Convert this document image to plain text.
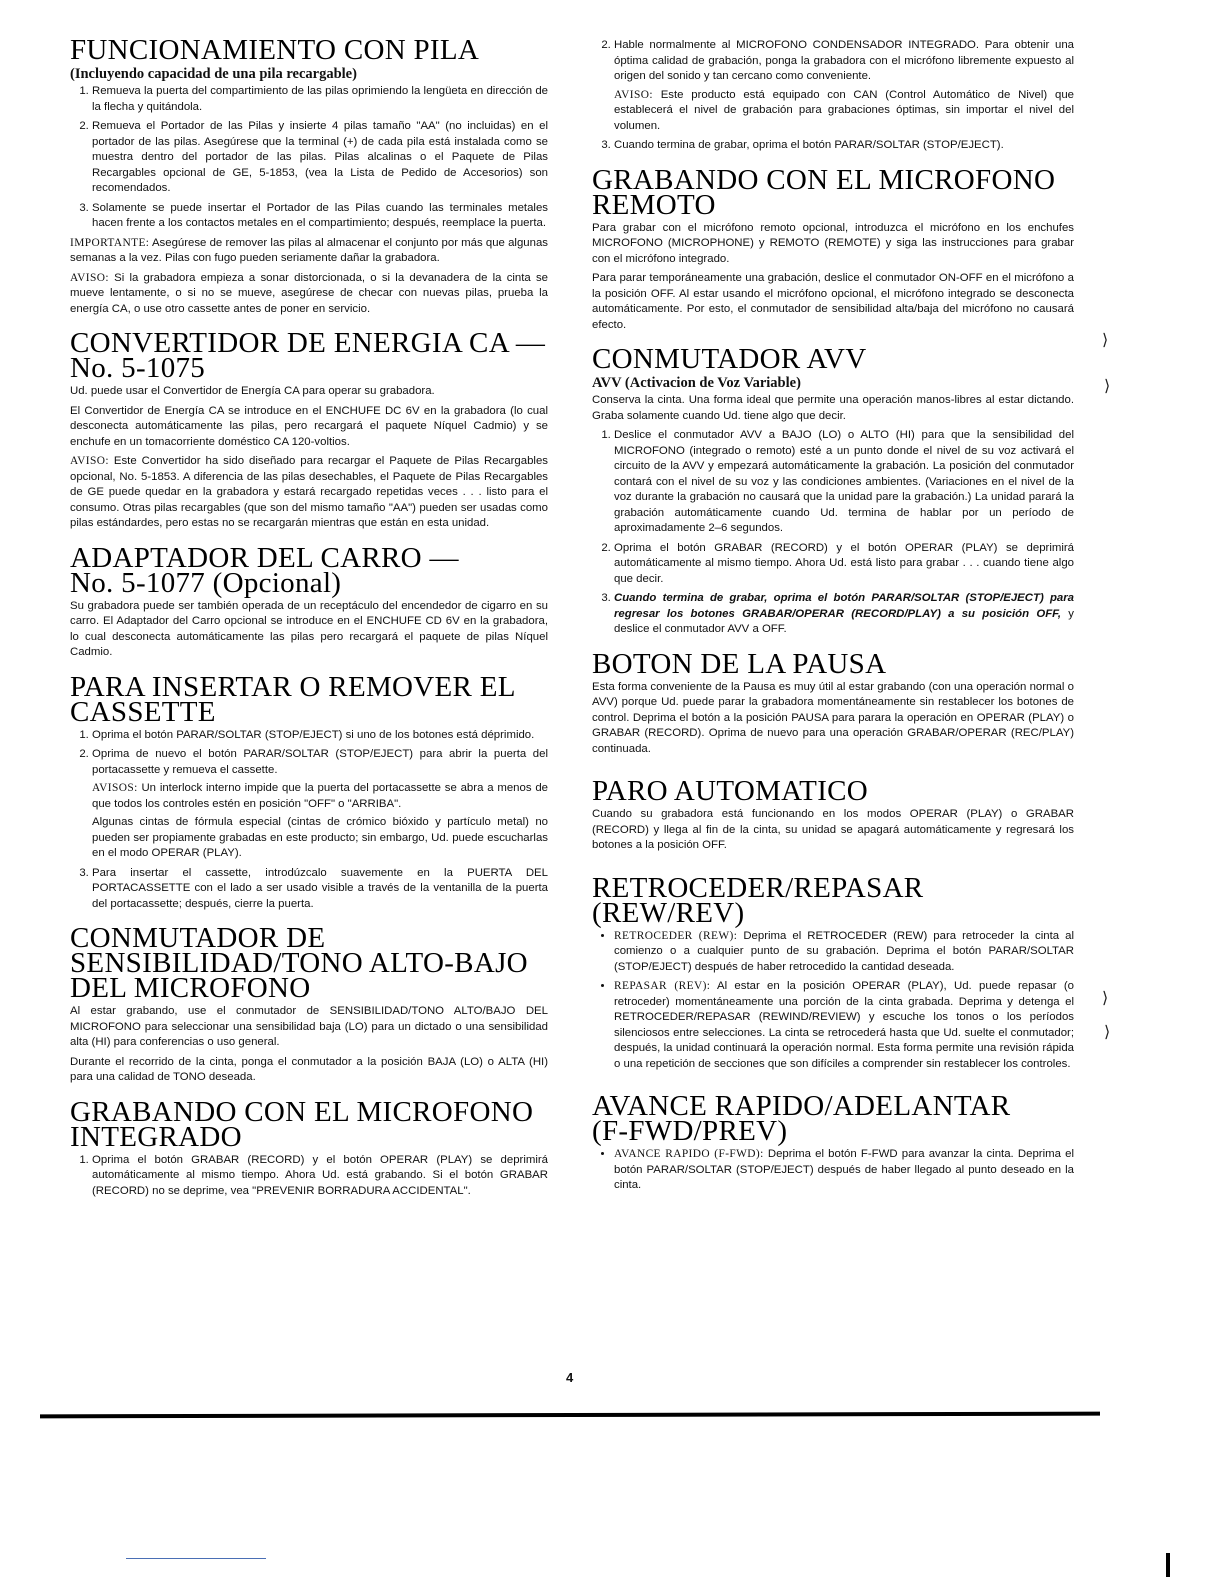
FUNCIONAMIENTO CON PILA
(Incluyendo capacidad de una pila recargable)
1. Remueva la puerta del compartimiento de las pilas oprimiendo la lengüeta en dirección de la flecha y quitándola.
2. Remueva el Portador de las Pilas y insierte 4 pilas tamaño "AA" (no incluidas) en el portador de las pilas. Asegúrese que la terminal (+) de cada pila está instalada como se muestra dentro del portador de las pilas. Pilas alcalinas o el Paquete de Pilas Recargables opcional de GE, 5-1853, (vea la Lista de Pedido de Accesorios) son recomendados.
3. Solamente se puede insertar el Portador de las Pilas cuando las terminales metales hacen frente a los contactos metales en el compartimiento; después, reemplace la puerta.

IMPORTANTE: Asegúrese de remover las pilas al almacenar el conjunto por más que algunas semanas a la vez. Pilas con fugo pueden seriamente dañar la grabadora.

AVISO: Si la grabadora empieza a sonar distorcionada, o si la devanadera de la cinta se mueve lentamente, o si no se mueve, asegúrese de checar con nuevas pilas, prueba la energía CA, o use otro cassette antes de poner en servicio.

CONVERTIDOR DE ENERGIA CA —
No. 5-1075

Ud. puede usar el Convertidor de Energía CA para operar su grabadora.

El Convertidor de Energía CA se introduce en el ENCHUFE DC 6V en la grabadora (lo cual desconecta automáticamente las pilas, pero recargará el paquete Níquel Cadmio) y se enchufe en un tomacorriente doméstico CA 120-voltios.

AVISO: Este Convertidor ha sido diseñado para recargar el Paquete de Pilas Recargables opcional, No. 5-1853. A diferencia de las pilas desechables, el Paquete de Pilas Recargables de GE puede quedar en la grabadora y estará recargado repetidas veces . . . listo para el consumo. Otras pilas recargables (que son del mismo tamaño "AA") pueden ser usadas como pilas estándardes, pero estas no se recargarán mientras que están en esta unidad.

ADAPTADOR DEL CARRO —
No. 5-1077 (Opcional)

Su grabadora puede ser también operada de un receptáculo del encendedor de cigarro en su carro. El Adaptador del Carro opcional se introduce en el ENCHUFE CD 6V en la grabadora, lo cual desconecta automáticamente las pilas pero recargará el paquete de pilas Níquel Cadmio.

PARA INSERTAR O REMOVER EL
CASSETTE
1. Oprima el botón PARAR/SOLTAR (STOP/EJECT) si uno de los botones está déprimido.
2. Oprima de nuevo el botón PARAR/SOLTAR (STOP/EJECT) para abrir la puerta del portacassette y remueva el cassette.

AVISOS: Un interlock interno impide que la puerta del portacassette se abra a menos de que todos los controles estén en posición "OFF" o "ARRIBA".

Algunas cintas de fórmula especial (cintas de crómico bióxido y partículo metal) no pueden ser propiamente grabadas en este producto; sin embargo, Ud. puede escucharlas en el modo OPERAR (PLAY).

3. Para insertar el cassette, introdúzcalo suavemente en la PUERTA DEL PORTACASSETTE con el lado a ser usado visible a través de la ventanilla de la puerta del portacassette; después, cierre la puerta.
CONMUTADOR DE
SENSIBILIDAD/TONO ALTO-BAJO
DEL MICROFONO

Al estar grabando, use el conmutador de SENSIBILIDAD/TONO ALTO/BAJO DEL MICROFONO para seleccionar una sensibilidad baja (LO) para un dictado o una sensibilidad alta (HI) para conferencias o uso general.

Durante el recorrido de la cinta, ponga el conmutador a la posición BAJA (LO) o ALTA (HI) para una calidad de TONO deseada.

GRABANDO CON EL MICROFONO
INTEGRADO
1. Oprima el botón GRABAR (RECORD) y el botón OPERAR (PLAY) se deprimirá automáticamente al mismo tiempo. Ahora Ud. está grabando. Si el botón GRABAR (RECORD) no se deprime, vea "PREVENIR BORRADURA ACCIDENTAL".
2. Hable normalmente al MICROFONO CONDENSADOR INTEGRADO. Para obtenir una óptima calidad de grabación, ponga la grabadora con el micrófono libremente expuesto al origen del sonido y tan cercano como conveniente.

AVISO: Este producto está equipado con CAN (Control Automático de Nivel) que establecerá el nivel de grabación para grabaciones óptimas, sin importar el nivel del volumen.

3. Cuando termina de grabar, oprima el botón PARAR/SOLTAR (STOP/EJECT).
GRABANDO CON EL MICROFONO
REMOTO

Para grabar con el micrófono remoto opcional, introduzca el micrófono en los enchufes MICROFONO (MICROPHONE) y REMOTO (REMOTE) y siga las instrucciones para grabar con el micrófono integrado.

Para parar temporáneamente una grabación, deslice el conmutador ON-OFF en el micrófono a la posición OFF. Al estar usando el micrófono opcional, el micrófono integrado se desconecta automáticamente. Por esto, el conmutador de sensibilidad alta/baja del micrófono no causará efecto.

CONMUTADOR AVV
AVV (Activacion de Voz Variable)

Conserva la cinta. Una forma ideal que permite una operación manos-libres al estar dictando. Graba solamente cuando Ud. tiene algo que decir.

1. Deslice el conmutador AVV a BAJO (LO) o ALTO (HI) para que la sensibilidad del MICROFONO (integrado o remoto) esté a un punto donde el nivel de su voz activará el circuito de la AVV y empezará automáticamente la grabación. La posición del conmutador contará con el nivel de su voz y las condiciones ambientes. (Variaciones en el nivel de la voz durante la grabación no causará que la unidad pare la grabación.) La unidad parará la grabación automáticamente cuando Ud. termina de hablar por un período de aproximadamente 2–6 segundos.
2. Oprima el botón GRABAR (RECORD) y el botón OPERAR (PLAY) se deprimirá automáticamente al mismo tiempo. Ahora Ud. está listo para grabar . . . cuando tiene algo que decir.
3. Cuando termina de grabar, oprima el botón PARAR/SOLTAR (STOP/EJECT) para regresar los botones GRABAR/OPERAR (RECORD/PLAY) a su posición OFF, y deslice el conmutador AVV a OFF.
BOTON DE LA PAUSA

Esta forma conveniente de la Pausa es muy útil al estar grabando (con una operación normal o AVV) porque Ud. puede parar la grabadora momentáneamente sin restablecer los botones de control. Deprima el botón a la posición PAUSA para parara la operación en OPERAR (PLAY) o GRABAR (RECORD). Oprima de nuevo para una operación GRABAR/OPERAR (REC/PLAY) continuada.

PARO AUTOMATICO

Cuando su grabadora está funcionando en los modos OPERAR (PLAY) o GRABAR (RECORD) y llega al fin de la cinta, su unidad se apagará automáticamente y regresará los botones a la posición OFF.

RETROCEDER/REPASAR
(REW/REV)
• RETROCEDER (REW): Deprima el RETROCEDER (REW) para retroceder la cinta al comienzo o a cualquier punto de su grabación. Deprima el botón PARAR/SOLTAR (STOP/EJECT) después de haber retrocedido la cantidad deseada.
• REPASAR (REV): Al estar en la posición OPERAR (PLAY), Ud. puede repasar (o retroceder) momentáneamente una porción de la cinta grabada. Deprima y detenga el RETROCEDER/REPASAR (REWIND/REVIEW) y escuche los tonos o los períodos silenciosos entre selecciones. La cinta se retrocederá hasta que Ud. suelte el conmutador; después, la unidad continuará la operación normal. Esta forma permite una revisión rápida o una repetición de secciones que son difíciles a comprender sin restablecer los controles.
AVANCE RAPIDO/ADELANTAR
(F-FWD/PREV)
• AVANCE RAPIDO (F-FWD): Deprima el botón F-FWD para avanzar la cinta. Deprima el botón PARAR/SOLTAR (STOP/EJECT) después de haber llegado al punto deseado en la cinta.
4
⟩
⟩
⟩
⟩
